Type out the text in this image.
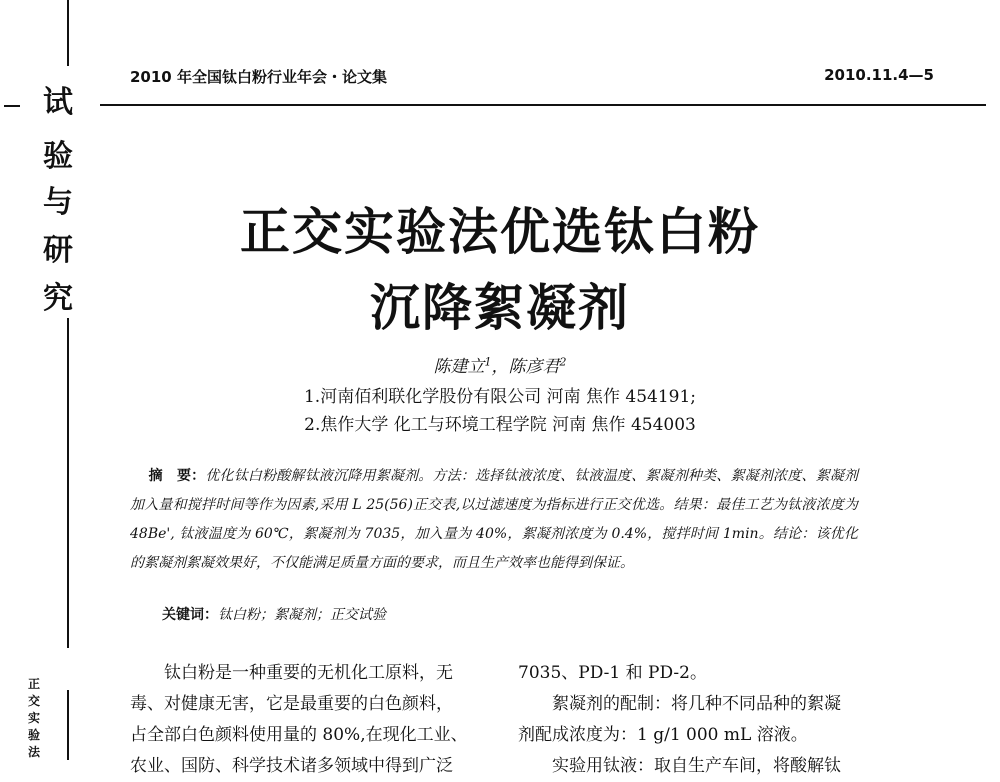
试
验
与
研
究
正
交
实
验
法
2010 年全国钛白粉行业年会・论文集	2010.11.4—5
正交实验法优选钛白粉
沉降絮凝剂
陈建立$^1$，陈彦君$^2$
1.河南佰利联化学股份有限公司 河南 焦作 454191;
2.焦作大学 化工与环境工程学院 河南 焦作 454003
摘　要：优化钛白粉酸解钛液沉降用絮凝剂。方法：选择钛液浓度、钛液温度、絮凝剂种类、絮凝剂浓度、絮凝剂加入量和搅拌时间等作为因素,采用 L 25(56)正交表,以过滤速度为指标进行正交优选。结果：最佳工艺为钛液浓度为 48Be', 钛液温度为 60℃，絮凝剂为 7035，加入量为 40%，絮凝剂浓度为 0.4%，搅拌时间 1min。结论：该优化的絮凝剂絮凝效果好，不仅能满足质量方面的要求，而且生产效率也能得到保证。
关键词：钛白粉；絮凝剂；正交试验
钛白粉是一种重要的无机化工原料，无
毒、对健康无害，它是最重要的白色颜料，
占全部白色颜料使用量的 80%,在现化工业、
农业、国防、科学技术诸多领域中得到广泛
7035、PD-1 和 PD-2。
絮凝剂的配制：将几种不同品种的絮凝
剂配成浓度为：1 g/1 000 mL 溶液。
实验用钛液：取自生产车间，将酸解钛
